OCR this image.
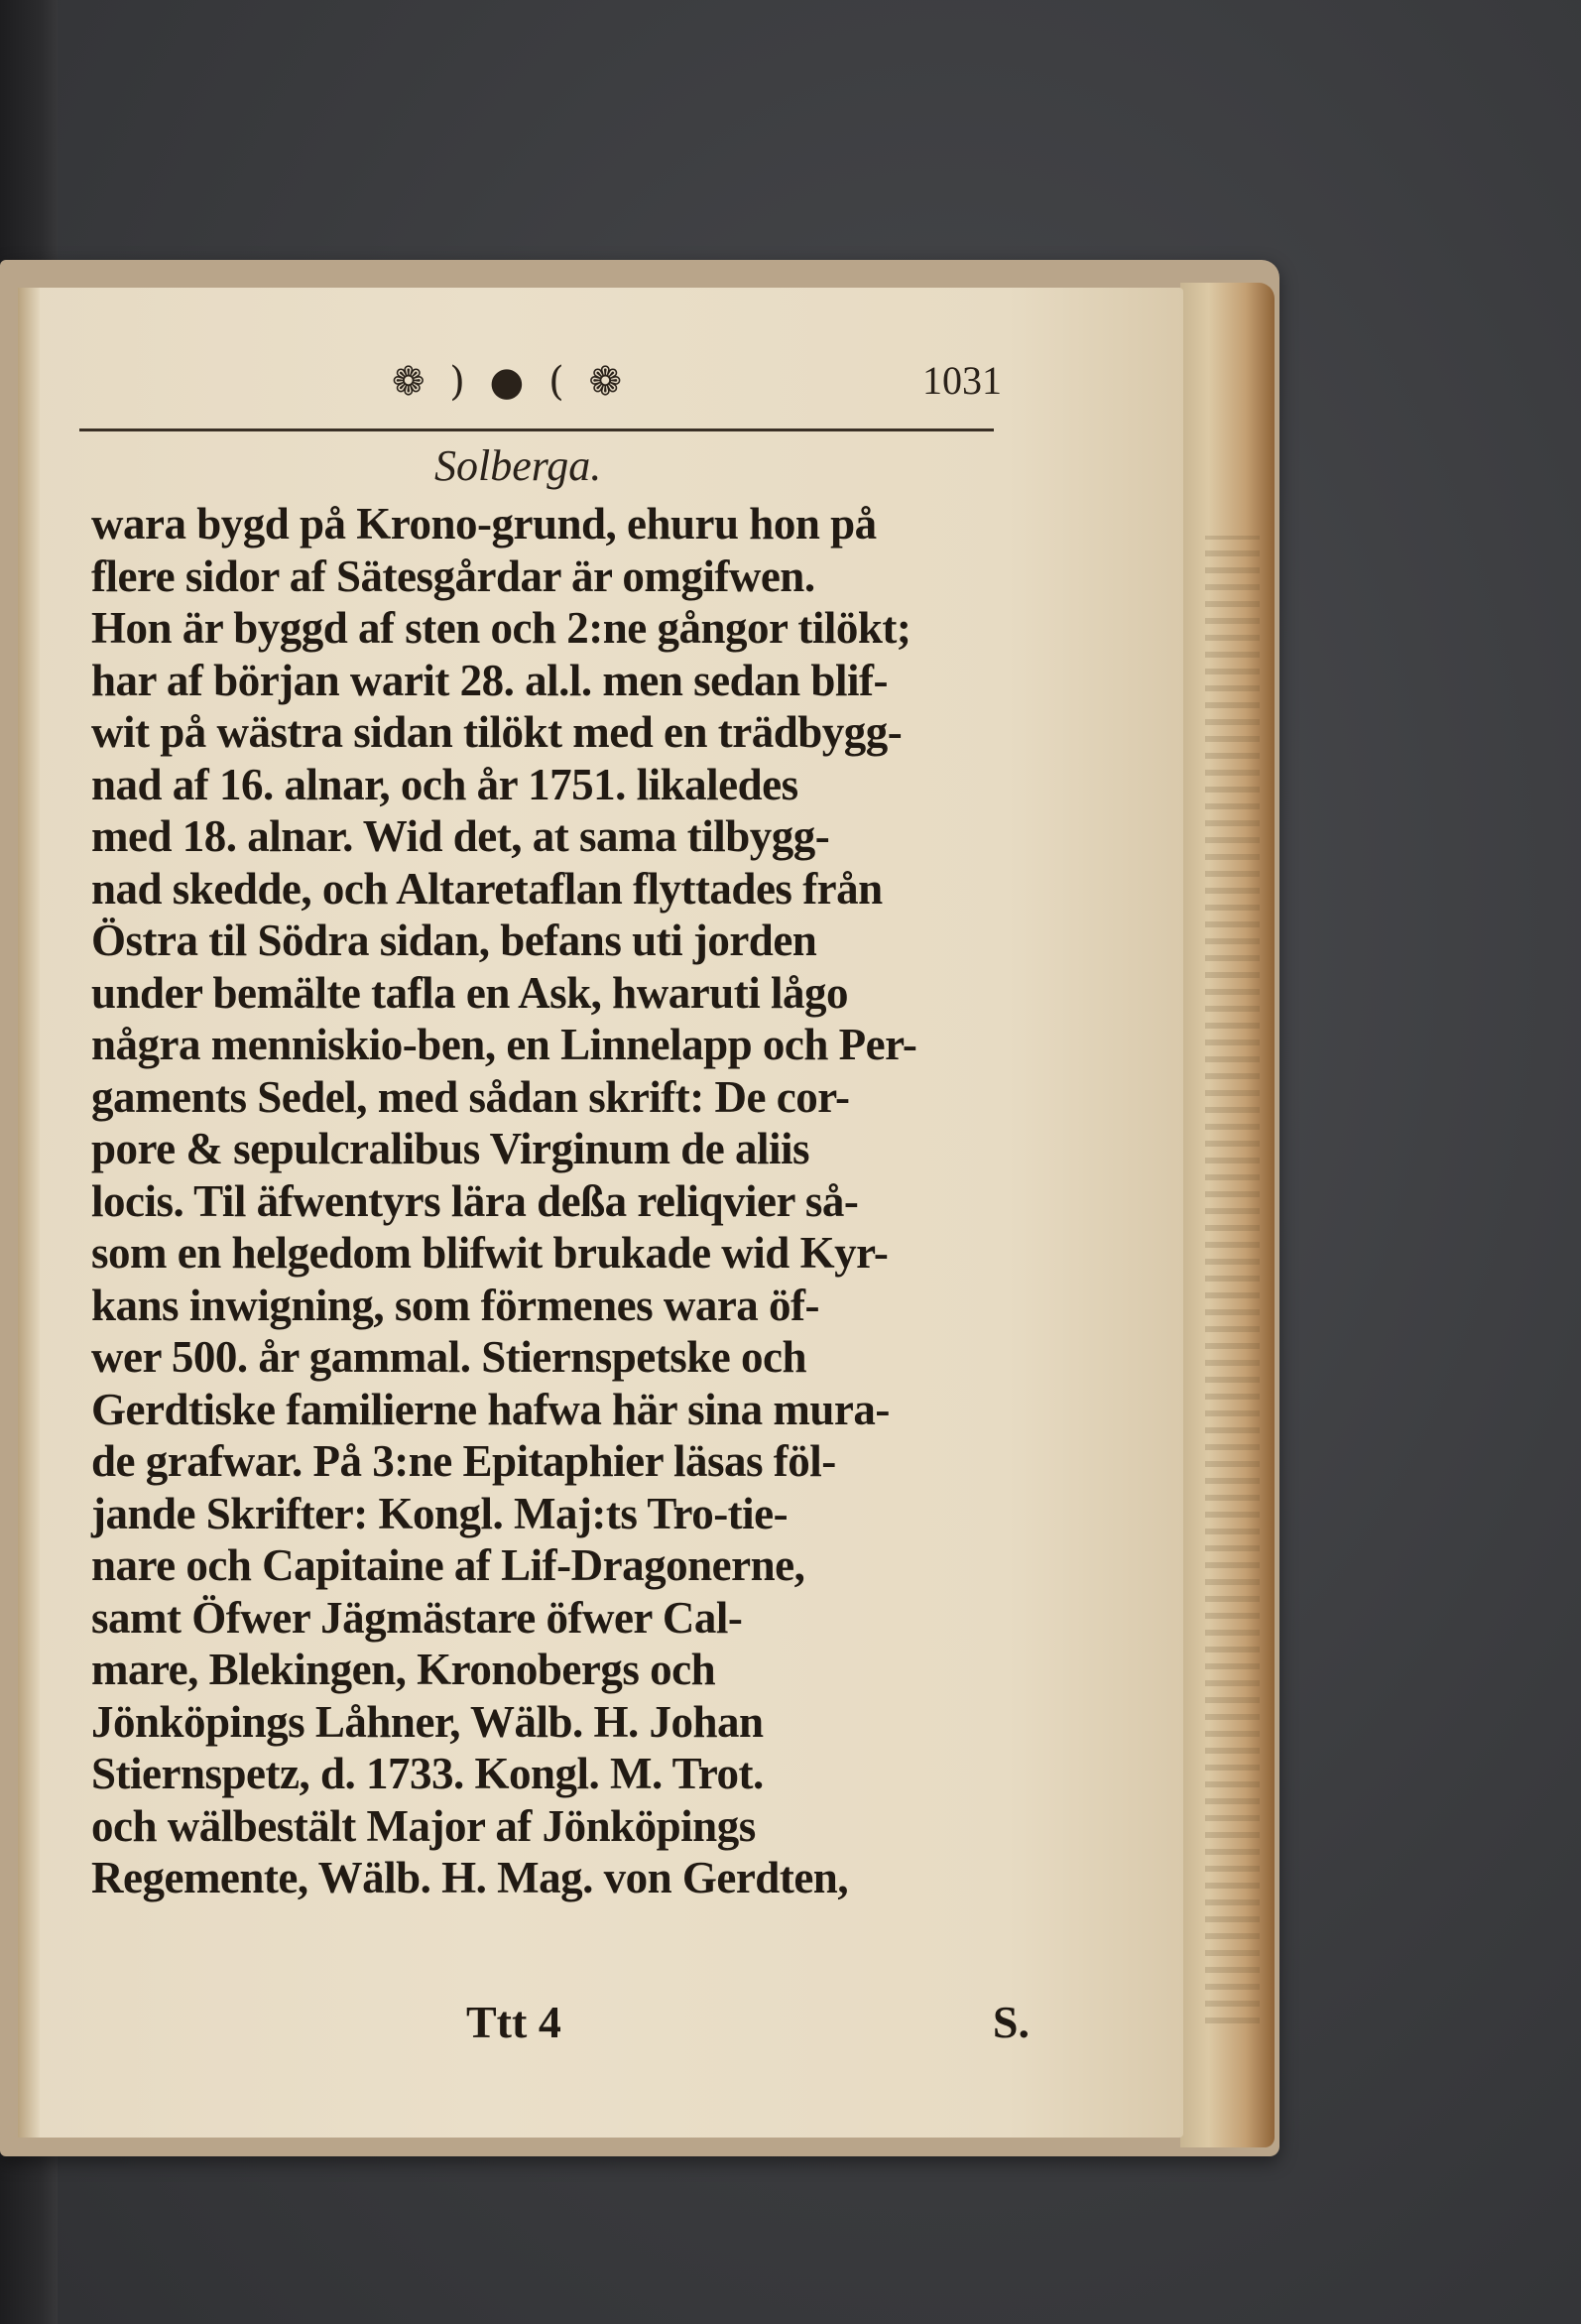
❁ ) ● ( ❁	1031
Solberga.
wara bygd på Krono-grund, ehuru hon på
flere sidor af Sätesgårdar är omgifwen.
Hon är byggd af sten och 2:ne gångor tilökt;
har af början warit 28. al.l. men sedan blif-
wit på wästra sidan tilökt med en trädbygg-
nad af 16. alnar, och år 1751. likaledes
med 18. alnar. Wid det, at sama tilbygg-
nad skedde, och Altaretaflan flyttades från
Östra til Södra sidan, befans uti jorden
under bemälte tafla en Ask, hwaruti lågo
några menniskio-ben, en Linnelapp och Per-
gaments Sedel, med sådan skrift: De cor-
pore & sepulcralibus Virginum de aliis
locis. Til äfwentyrs lära deßa reliqvier så-
som en helgedom blifwit brukade wid Kyr-
kans inwigning, som förmenes wara öf-
wer 500. år gammal. Stiernspetske och
Gerdtiske familierne hafwa här sina mura-
de grafwar. På 3:ne Epitaphier läsas föl-
jande Skrifter: Kongl. Maj:ts Tro-tie-
nare och Capitaine af Lif-Dragonerne,
samt Öfwer Jägmästare öfwer Cal-
mare, Blekingen, Kronobergs och
Jönköpings Låhner, Wälb. H. Johan
Stiernspetz, d. 1733. Kongl. M. Trot.
och wälbestält Major af Jönköpings
Regemente, Wälb. H. Mag. von Gerdten,
Ttt 4	S.
